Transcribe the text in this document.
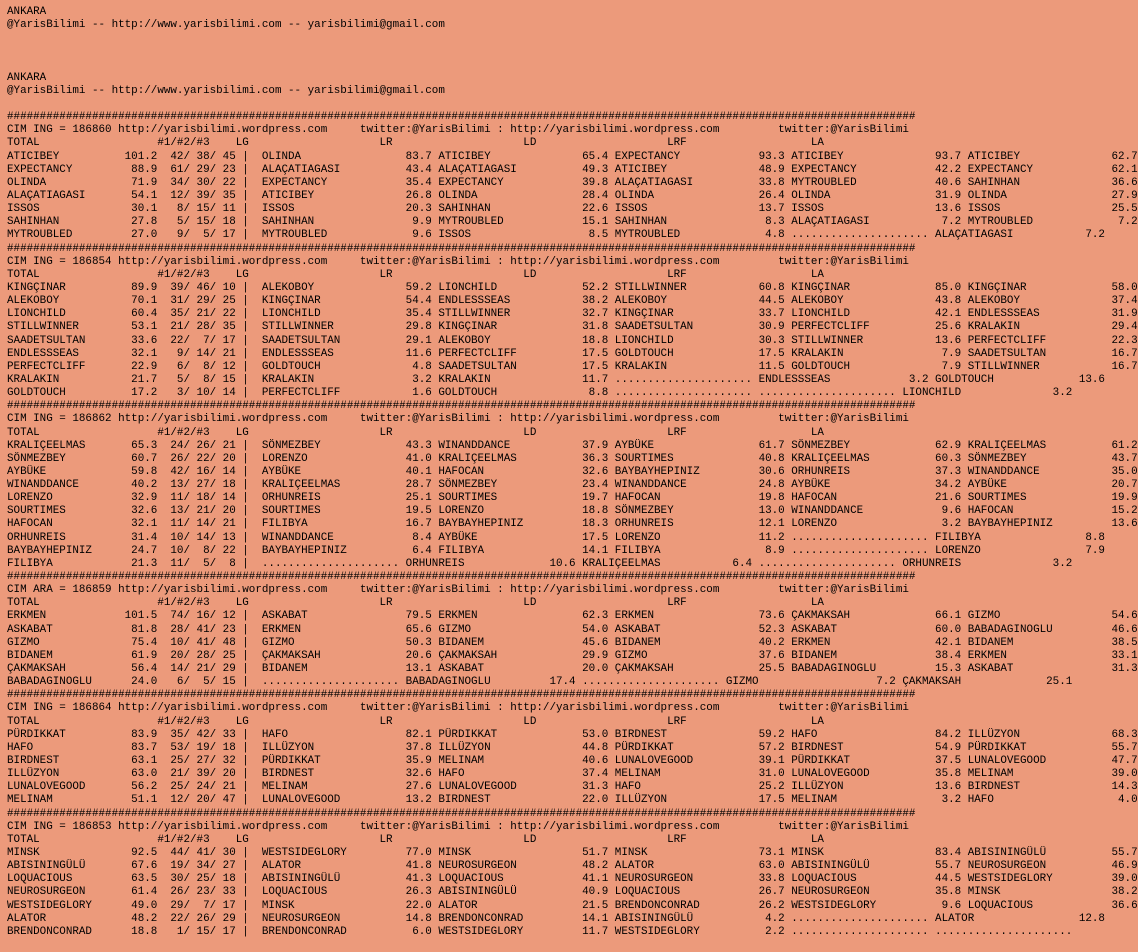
ANKARA
@YarisBilimi -- http://www.yarisbilimi.com -- yarisbilimi@gmail.com

ANKARA
@YarisBilimi -- http://www.yarisbilimi.com -- yarisbilimi@gmail.com

###########################################################################################################################################
CIM ING = 186860 http://yarisbilimi.wordpress.com     twitter:@YarisBilimi : http://yarisbilimi.wordpress.com         twitter:@YarisBilimi
TOTAL                  #1/#2/#3    LG                    LR                    LD                    LRF                   LA
ATICIBEY          101.2  42/ 38/ 45 |  OLINDA                83.7 ATICIBEY              65.4 EXPECTANCY            93.3 ATICIBEY              93.7 ATICIBEY              62.7
EXPECTANCY         88.9  61/ 29/ 23 |  ALAÇATIAGASI          43.4 ALAÇATIAGASI          49.3 ATICIBEY              48.9 EXPECTANCY            42.2 EXPECTANCY            62.1
OLINDA             71.9  34/ 30/ 22 |  EXPECTANCY            35.4 EXPECTANCY            39.8 ALAÇATIAGASI          33.8 MYTROUBLED            40.6 SAHINHAN              36.6
ALAÇATIAGASI       54.1  12/ 39/ 35 |  ATICIBEY              26.8 OLINDA                28.4 OLINDA                26.4 OLINDA                31.9 OLINDA                27.9
ISSOS              30.1   8/ 15/ 11 |  ISSOS                 20.3 SAHINHAN              22.6 ISSOS                 13.7 ISSOS                 13.6 ISSOS                 25.5
SAHINHAN           27.8   5/ 15/ 18 |  SAHINHAN               9.9 MYTROUBLED            15.1 SAHINHAN               8.3 ALAÇATIAGASI           7.2 MYTROUBLED             7.2
MYTROUBLED         27.0   9/  5/ 17 |  MYTROUBLED             9.6 ISSOS                  8.5 MYTROUBLED             4.8 ..................... ALAÇATIAGASI           7.2
###########################################################################################################################################
CIM ING = 186854 http://yarisbilimi.wordpress.com     twitter:@YarisBilimi : http://yarisbilimi.wordpress.com         twitter:@YarisBilimi
TOTAL                  #1/#2/#3    LG                    LR                    LD                    LRF                   LA
KINGÇINAR          89.9  39/ 46/ 10 |  ALEKOBOY              59.2 LIONCHILD             52.2 STILLWINNER           60.8 KINGÇINAR             85.0 KINGÇINAR             58.0
ALEKOBOY           70.1  31/ 29/ 25 |  KINGÇINAR             54.4 ENDLESSSEAS           38.2 ALEKOBOY              44.5 ALEKOBOY              43.8 ALEKOBOY              37.4
LIONCHILD          60.4  35/ 21/ 22 |  LIONCHILD             35.4 STILLWINNER           32.7 KINGÇINAR             33.7 LIONCHILD             42.1 ENDLESSSEAS           31.9
STILLWINNER        53.1  21/ 28/ 35 |  STILLWINNER           29.8 KINGÇINAR             31.8 SAADETSULTAN          30.9 PERFECTCLIFF          25.6 KRALAKIN              29.4
SAADETSULTAN       33.6  22/  7/ 17 |  SAADETSULTAN          29.1 ALEKOBOY              18.8 LIONCHILD             30.3 STILLWINNER           13.6 PERFECTCLIFF          22.3
ENDLESSSEAS        32.1   9/ 14/ 21 |  ENDLESSSEAS           11.6 PERFECTCLIFF          17.5 GOLDTOUCH             17.5 KRALAKIN               7.9 SAADETSULTAN          16.7
PERFECTCLIFF       22.9   6/  8/ 12 |  GOLDTOUCH              4.8 SAADETSULTAN          17.5 KRALAKIN              11.5 GOLDTOUCH              7.9 STILLWINNER           16.7
KRALAKIN           21.7   5/  8/ 15 |  KRALAKIN               3.2 KRALAKIN              11.7 ..................... ENDLESSSEAS            3.2 GOLDTOUCH             13.6
GOLDTOUCH          17.2   3/ 10/ 14 |  PERFECTCLIFF           1.6 GOLDTOUCH              8.8 ..................... ..................... LIONCHILD              3.2
###########################################################################################################################################
CIM ING = 186862 http://yarisbilimi.wordpress.com     twitter:@YarisBilimi : http://yarisbilimi.wordpress.com         twitter:@YarisBilimi
TOTAL                  #1/#2/#3    LG                    LR                    LD                    LRF                   LA
KRALIÇEELMAS       65.3  24/ 26/ 21 |  SÖNMEZBEY             43.3 WINANDDANCE           37.9 AYBÜKE                61.7 SÖNMEZBEY             62.9 KRALIÇEELMAS          61.2
SÖNMEZBEY          60.7  26/ 22/ 20 |  LORENZO               41.0 KRALIÇEELMAS          36.3 SOURTIMES             40.8 KRALIÇEELMAS          60.3 SÖNMEZBEY             43.7
AYBÜKE             59.8  42/ 16/ 14 |  AYBÜKE                40.1 HAFOCAN               32.6 BAYBAYHEPINIZ         30.6 ORHUNREIS             37.3 WINANDDANCE           35.0
WINANDDANCE        40.2  13/ 27/ 18 |  KRALIÇEELMAS          28.7 SÖNMEZBEY             23.4 WINANDDANCE           24.8 AYBÜKE                34.2 AYBÜKE                20.7
LORENZO            32.9  11/ 18/ 14 |  ORHUNREIS             25.1 SOURTIMES             19.7 HAFOCAN               19.8 HAFOCAN               21.6 SOURTIMES             19.9
SOURTIMES          32.6  13/ 21/ 20 |  SOURTIMES             19.5 LORENZO               18.8 SÖNMEZBEY             13.0 WINANDDANCE            9.6 HAFOCAN               15.2
HAFOCAN            32.1  11/ 14/ 21 |  FILIBYA               16.7 BAYBAYHEPINIZ         18.3 ORHUNREIS             12.1 LORENZO                3.2 BAYBAYHEPINIZ         13.6
ORHUNREIS          31.4  10/ 14/ 13 |  WINANDDANCE            8.4 AYBÜKE                17.5 LORENZO               11.2 ..................... FILIBYA                8.8
BAYBAYHEPINIZ      24.7  10/  8/ 22 |  BAYBAYHEPINIZ          6.4 FILIBYA               14.1 FILIBYA                8.9 ..................... LORENZO                7.9
FILIBYA            21.3  11/  5/  8 |  ..................... ORHUNREIS             10.6 KRALIÇEELMAS           6.4 ..................... ORHUNREIS              3.2
###########################################################################################################################################
CIM ARA = 186859 http://yarisbilimi.wordpress.com     twitter:@YarisBilimi : http://yarisbilimi.wordpress.com         twitter:@YarisBilimi
TOTAL                  #1/#2/#3    LG                    LR                    LD                    LRF                   LA
ERKMEN            101.5  74/ 16/ 12 |  ASKABAT               79.5 ERKMEN                62.3 ERKMEN                73.6 ÇAKMAKSAH             66.1 GIZMO                 54.6
ASKABAT            81.8  28/ 41/ 23 |  ERKMEN                65.6 GIZMO                 54.0 ASKABAT               52.3 ASKABAT               60.0 BABADAGINOGLU         46.6
GIZMO              75.4  10/ 41/ 48 |  GIZMO                 50.3 BIDANEM               45.6 BIDANEM               40.2 ERKMEN                42.1 BIDANEM               38.5
BIDANEM            61.9  20/ 28/ 25 |  ÇAKMAKSAH             20.6 ÇAKMAKSAH             29.9 GIZMO                 37.6 BIDANEM               38.4 ERKMEN                33.1
ÇAKMAKSAH          56.4  14/ 21/ 29 |  BIDANEM               13.1 ASKABAT               20.0 ÇAKMAKSAH             25.5 BABADAGINOGLU         15.3 ASKABAT               31.3
BABADAGINOGLU      24.0   6/  5/ 15 |  ..................... BABADAGINOGLU         17.4 ..................... GIZMO                  7.2 ÇAKMAKSAH             25.1
###########################################################################################################################################
CIM ING = 186864 http://yarisbilimi.wordpress.com     twitter:@YarisBilimi : http://yarisbilimi.wordpress.com         twitter:@YarisBilimi
TOTAL                  #1/#2/#3    LG                    LR                    LD                    LRF                   LA
PÜRDIKKAT          83.9  35/ 42/ 33 |  HAFO                  82.1 PÜRDIKKAT             53.0 BIRDNEST              59.2 HAFO                  84.2 ILLÜZYON              68.3
HAFO               83.7  53/ 19/ 18 |  ILLÜZYON              37.8 ILLÜZYON              44.8 PÜRDIKKAT             57.2 BIRDNEST              54.9 PÜRDIKKAT             55.7
BIRDNEST           63.1  25/ 27/ 32 |  PÜRDIKKAT             35.9 MELINAM               40.6 LUNALOVEGOOD          39.1 PÜRDIKKAT             37.5 LUNALOVEGOOD          47.7
ILLÜZYON           63.0  21/ 39/ 20 |  BIRDNEST              32.6 HAFO                  37.4 MELINAM               31.0 LUNALOVEGOOD          35.8 MELINAM               39.0
LUNALOVEGOOD       56.2  25/ 24/ 21 |  MELINAM               27.6 LUNALOVEGOOD          31.3 HAFO                  25.2 ILLÜZYON              13.6 BIRDNEST              14.3
MELINAM            51.1  12/ 20/ 47 |  LUNALOVEGOOD          13.2 BIRDNEST              22.0 ILLÜZYON              17.5 MELINAM                3.2 HAFO                   4.0
###########################################################################################################################################
CIM ING = 186853 http://yarisbilimi.wordpress.com     twitter:@YarisBilimi : http://yarisbilimi.wordpress.com         twitter:@YarisBilimi
TOTAL                  #1/#2/#3    LG                    LR                    LD                    LRF                   LA
MINSK              92.5  44/ 41/ 30 |  WESTSIDEGLORY         77.0 MINSK                 51.7 MINSK                 73.1 MINSK                 83.4 ABISININGÜLÜ          55.7
ABISININGÜLÜ       67.6  19/ 34/ 27 |  ALATOR                41.8 NEUROSURGEON          48.2 ALATOR                63.0 ABISININGÜLÜ          55.7 NEUROSURGEON          46.9
LOQUACIOUS         63.5  30/ 25/ 18 |  ABISININGÜLÜ          41.3 LOQUACIOUS            41.1 NEUROSURGEON          33.8 LOQUACIOUS            44.5 WESTSIDEGLORY         39.0
NEUROSURGEON       61.4  26/ 23/ 33 |  LOQUACIOUS            26.3 ABISININGÜLÜ          40.9 LOQUACIOUS            26.7 NEUROSURGEON          35.8 MINSK                 38.2
WESTSIDEGLORY      49.0  29/  7/ 17 |  MINSK                 22.0 ALATOR                21.5 BRENDONCONRAD         26.2 WESTSIDEGLORY          9.6 LOQUACIOUS            36.6
ALATOR             48.2  22/ 26/ 29 |  NEUROSURGEON          14.8 BRENDONCONRAD         14.1 ABISININGÜLÜ           4.2 ..................... ALATOR                12.8
BRENDONCONRAD      18.8   1/ 15/ 17 |  BRENDONCONRAD          6.0 WESTSIDEGLORY         11.7 WESTSIDEGLORY          2.2 ..................... .....................
